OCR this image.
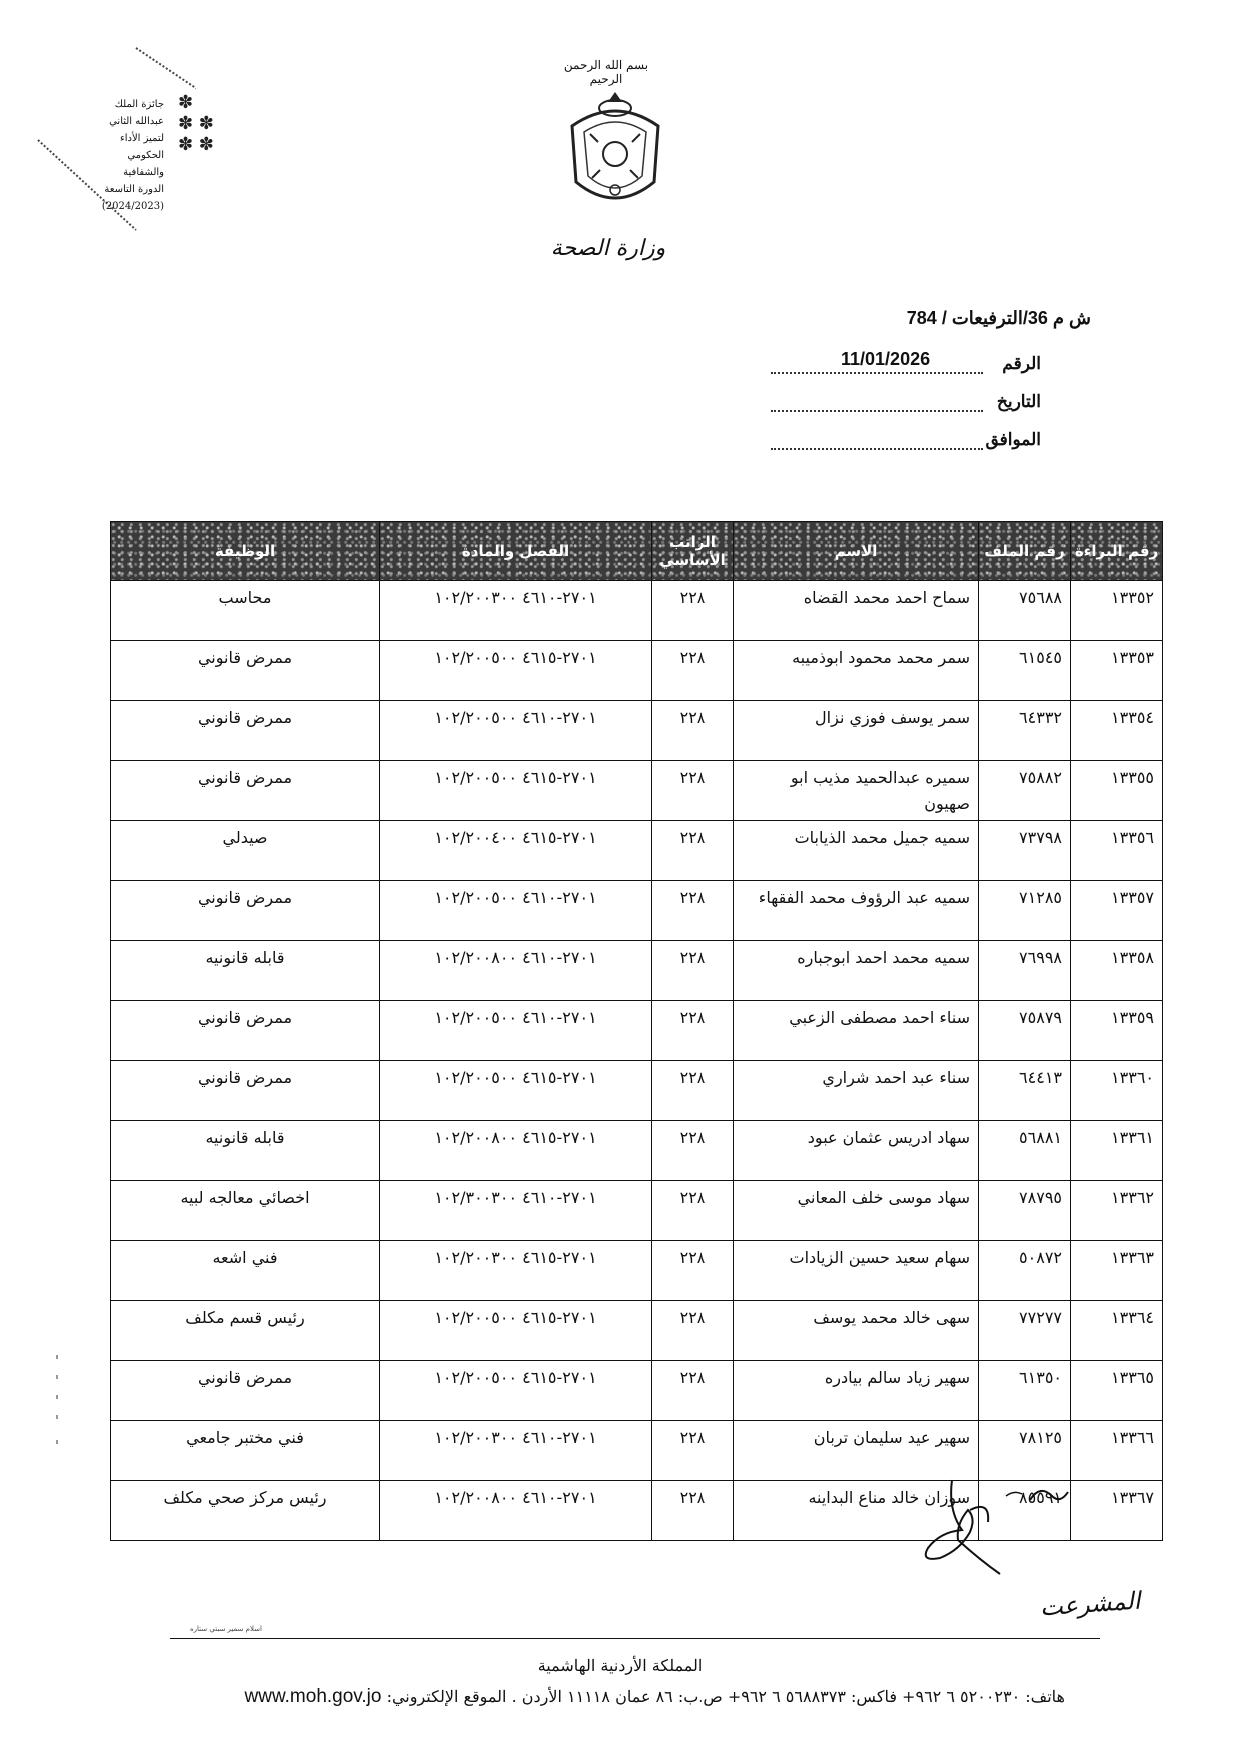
جائزة الملك عبدالله الثاني
لتميز الأداء الحكومي والشفافية
الدورة التاسعة
(2024/2023)
✽
✽ ✽
✽ ✽
بسم الله الرحمن الرحيم
وزارة الصحة
ش م 36/الترفيعات / 784
الرقم
11/01/2026
التاريخ
الموافق
رقم البراءة	رقم الملف	الاسم	الراتب الأساسي	الفصل والمادة	الوظيفة
١٣٣٥٢	٧٥٦٨٨	سماح احمد محمد القضاه	٢٢٨	٢٧٠١-٤٦١٠ ١٠٢/٢٠٠٣٠٠	محاسب
١٣٣٥٣	٦١٥٤٥	سمر محمد محمود ابوذميبه	٢٢٨	٢٧٠١-٤٦١٥ ١٠٢/٢٠٠٥٠٠	ممرض قانوني
١٣٣٥٤	٦٤٣٣٢	سمر يوسف فوزي نزال	٢٢٨	٢٧٠١-٤٦١٠ ١٠٢/٢٠٠٥٠٠	ممرض قانوني
١٣٣٥٥	٧٥٨٨٢	سميره عبدالحميد مذيب ابو صهيون	٢٢٨	٢٧٠١-٤٦١٥ ١٠٢/٢٠٠٥٠٠	ممرض قانوني
١٣٣٥٦	٧٣٧٩٨	سميه جميل محمد الذيابات	٢٢٨	٢٧٠١-٤٦١٥ ١٠٢/٢٠٠٤٠٠	صيدلي
١٣٣٥٧	٧١٢٨٥	سميه عبد الرؤوف محمد الفقهاء	٢٢٨	٢٧٠١-٤٦١٠ ١٠٢/٢٠٠٥٠٠	ممرض قانوني
١٣٣٥٨	٧٦٩٩٨	سميه محمد احمد ابوجباره	٢٢٨	٢٧٠١-٤٦١٠ ١٠٢/٢٠٠٨٠٠	قابله قانونيه
١٣٣٥٩	٧٥٨٧٩	سناء احمد مصطفى الزعبي	٢٢٨	٢٧٠١-٤٦١٠ ١٠٢/٢٠٠٥٠٠	ممرض قانوني
١٣٣٦٠	٦٤٤١٣	سناء عبد احمد شراري	٢٢٨	٢٧٠١-٤٦١٥ ١٠٢/٢٠٠٥٠٠	ممرض قانوني
١٣٣٦١	٥٦٨٨١	سهاد ادريس عثمان عبود	٢٢٨	٢٧٠١-٤٦١٥ ١٠٢/٢٠٠٨٠٠	قابله قانونيه
١٣٣٦٢	٧٨٧٩٥	سهاد موسى خلف المعاني	٢٢٨	٢٧٠١-٤٦١٠ ١٠٢/٣٠٠٣٠٠	اخصائي معالجه لبيه
١٣٣٦٣	٥٠٨٧٢	سهام سعيد حسين الزيادات	٢٢٨	٢٧٠١-٤٦١٥ ١٠٢/٢٠٠٣٠٠	فني اشعه
١٣٣٦٤	٧٧٢٧٧	سهى خالد محمد يوسف	٢٢٨	٢٧٠١-٤٦١٥ ١٠٢/٢٠٠٥٠٠	رئيس قسم مكلف
١٣٣٦٥	٦١٣٥٠	سهير زياد سالم بيادره	٢٢٨	٢٧٠١-٤٦١٥ ١٠٢/٢٠٠٥٠٠	ممرض قانوني
١٣٣٦٦	٧٨١٢٥	سهير عيد سليمان تربان	٢٢٨	٢٧٠١-٤٦١٠ ١٠٢/٢٠٠٣٠٠	فني مختبر جامعي
١٣٣٦٧	٨٥٥٩١	سوزان خالد مناع البداينه	٢٢٨	٢٧٠١-٤٦١٠ ١٠٢/٢٠٠٨٠٠	رئيس مركز صحي مكلف
المشرعت
اسلام سمير سبتي ستاره
المملكة الأردنية الهاشمية
هاتف: ٥٢٠٠٢٣٠ ٦ ٩٦٢+ فاكس: ٥٦٨٨٣٧٣ ٦ ٩٦٢+ ص.ب: ٨٦ عمان ١١١١٨ الأردن . الموقع الإلكتروني: www.moh.gov.jo
